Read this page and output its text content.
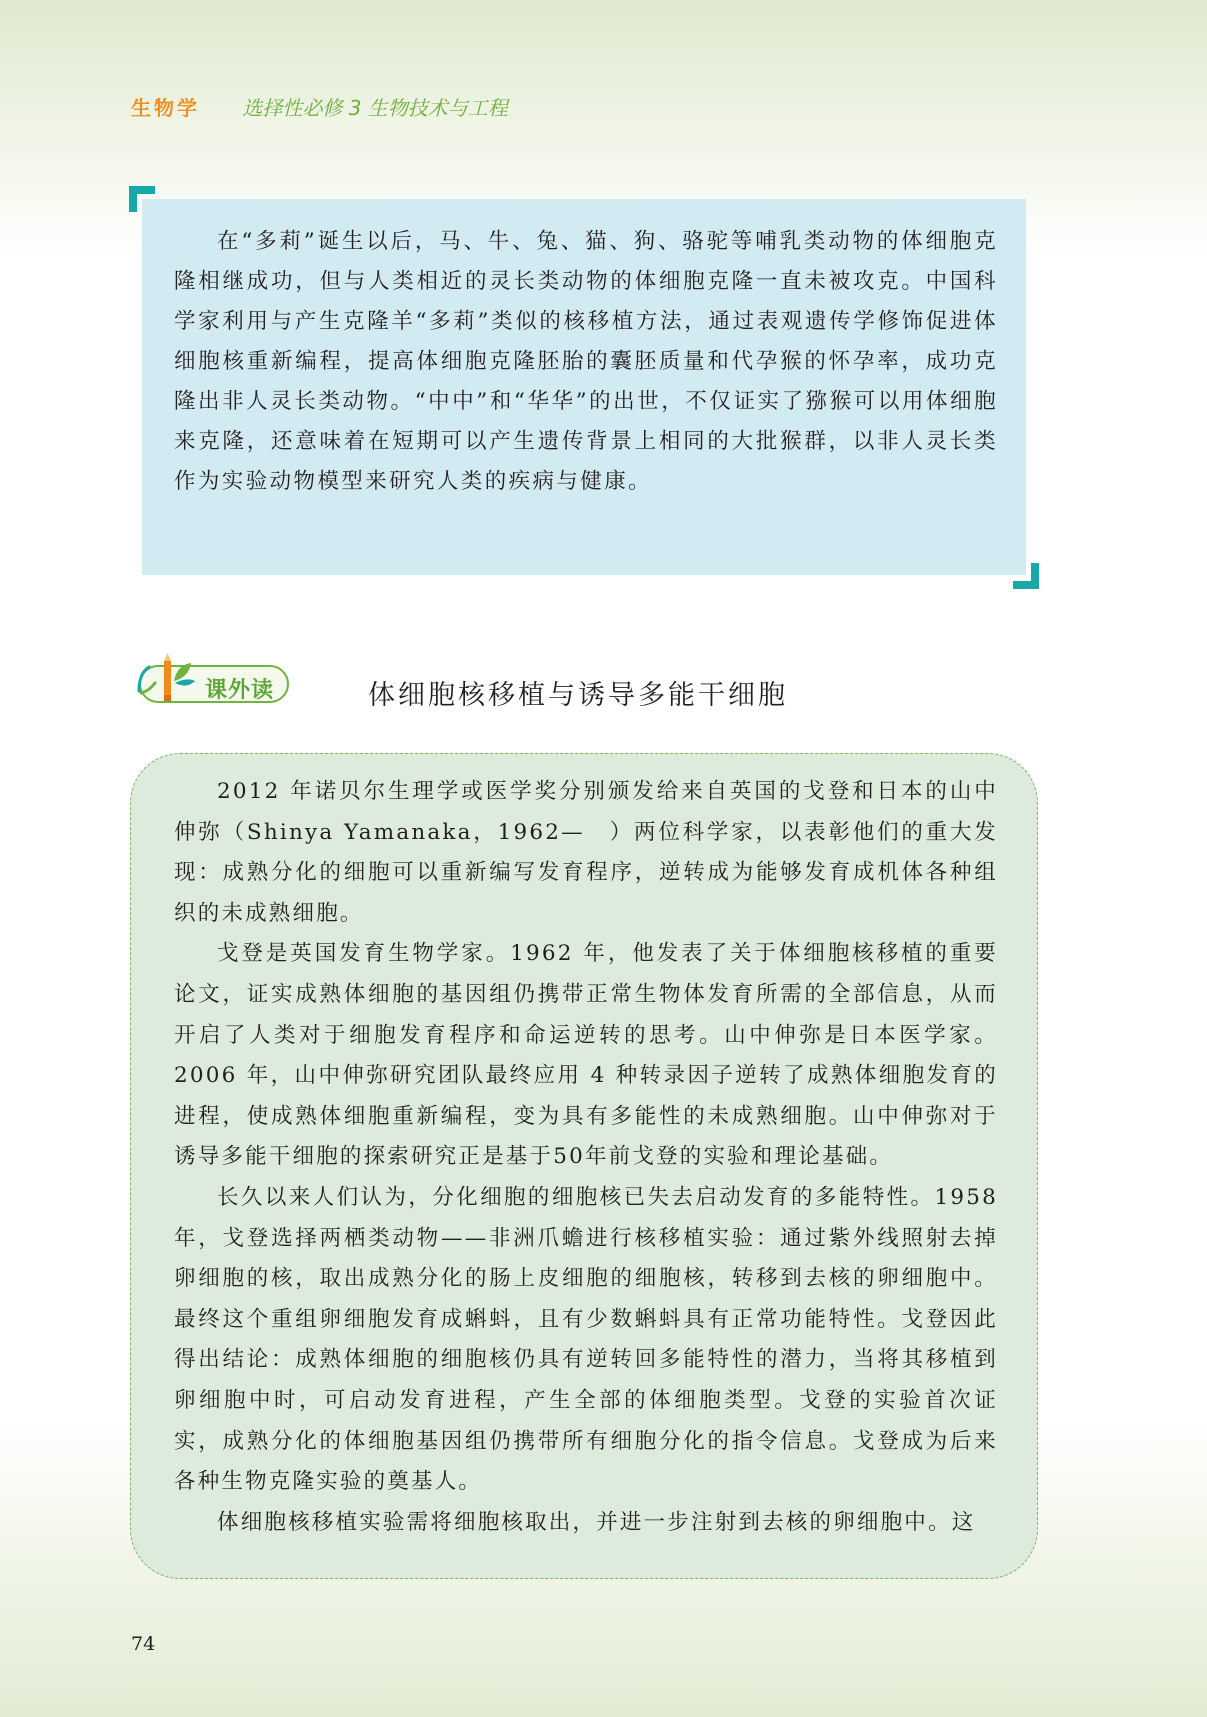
生物学 选择性必修 3 生物技术与工程

在“多莉”诞生以后，马、牛、兔、猫、狗、骆驼等哺乳类动物的体细胞克隆相继成功，但与人类相近的灵长类动物的体细胞克隆一直未被攻克。中国科学家利用与产生克隆羊“多莉”类似的核移植方法，通过表观遗传学修饰促进体细胞核重新编程，提高体细胞克隆胚胎的囊胚质量和代孕猴的怀孕率，成功克隆出非人灵长类动物。“中中”和“华华”的出世，不仅证实了猕猴可以用体细胞来克隆，还意味着在短期可以产生遗传背景上相同的大批猴群，以非人灵长类作为实验动物模型来研究人类的疾病与健康。

课外读	体细胞核移植与诱导多能干细胞

2012 年诺贝尔生理学或医学奖分别颁发给来自英国的戈登和日本的山中伸弥（Shinya Yamanaka，1962—　）两位科学家，以表彰他们的重大发现：成熟分化的细胞可以重新编写发育程序，逆转成为能够发育成机体各种组织的未成熟细胞。

戈登是英国发育生物学家。1962 年，他发表了关于体细胞核移植的重要论文，证实成熟体细胞的基因组仍携带正常生物体发育所需的全部信息，从而开启了人类对于细胞发育程序和命运逆转的思考。山中伸弥是日本医学家。2006 年，山中伸弥研究团队最终应用 4 种转录因子逆转了成熟体细胞发育的进程，使成熟体细胞重新编程，变为具有多能性的未成熟细胞。山中伸弥对于诱导多能干细胞的探索研究正是基于50年前戈登的实验和理论基础。

长久以来人们认为，分化细胞的细胞核已失去启动发育的多能特性。1958 年，戈登选择两栖类动物——非洲爪蟾进行核移植实验：通过紫外线照射去掉卵细胞的核，取出成熟分化的肠上皮细胞的细胞核，转移到去核的卵细胞中。最终这个重组卵细胞发育成蝌蚪，且有少数蝌蚪具有正常功能特性。戈登因此得出结论：成熟体细胞的细胞核仍具有逆转回多能特性的潜力，当将其移植到卵细胞中时，可启动发育进程，产生全部的体细胞类型。戈登的实验首次证实，成熟分化的体细胞基因组仍携带所有细胞分化的指令信息。戈登成为后来各种生物克隆实验的奠基人。

体细胞核移植实验需将细胞核取出，并进一步注射到去核的卵细胞中。这

74
